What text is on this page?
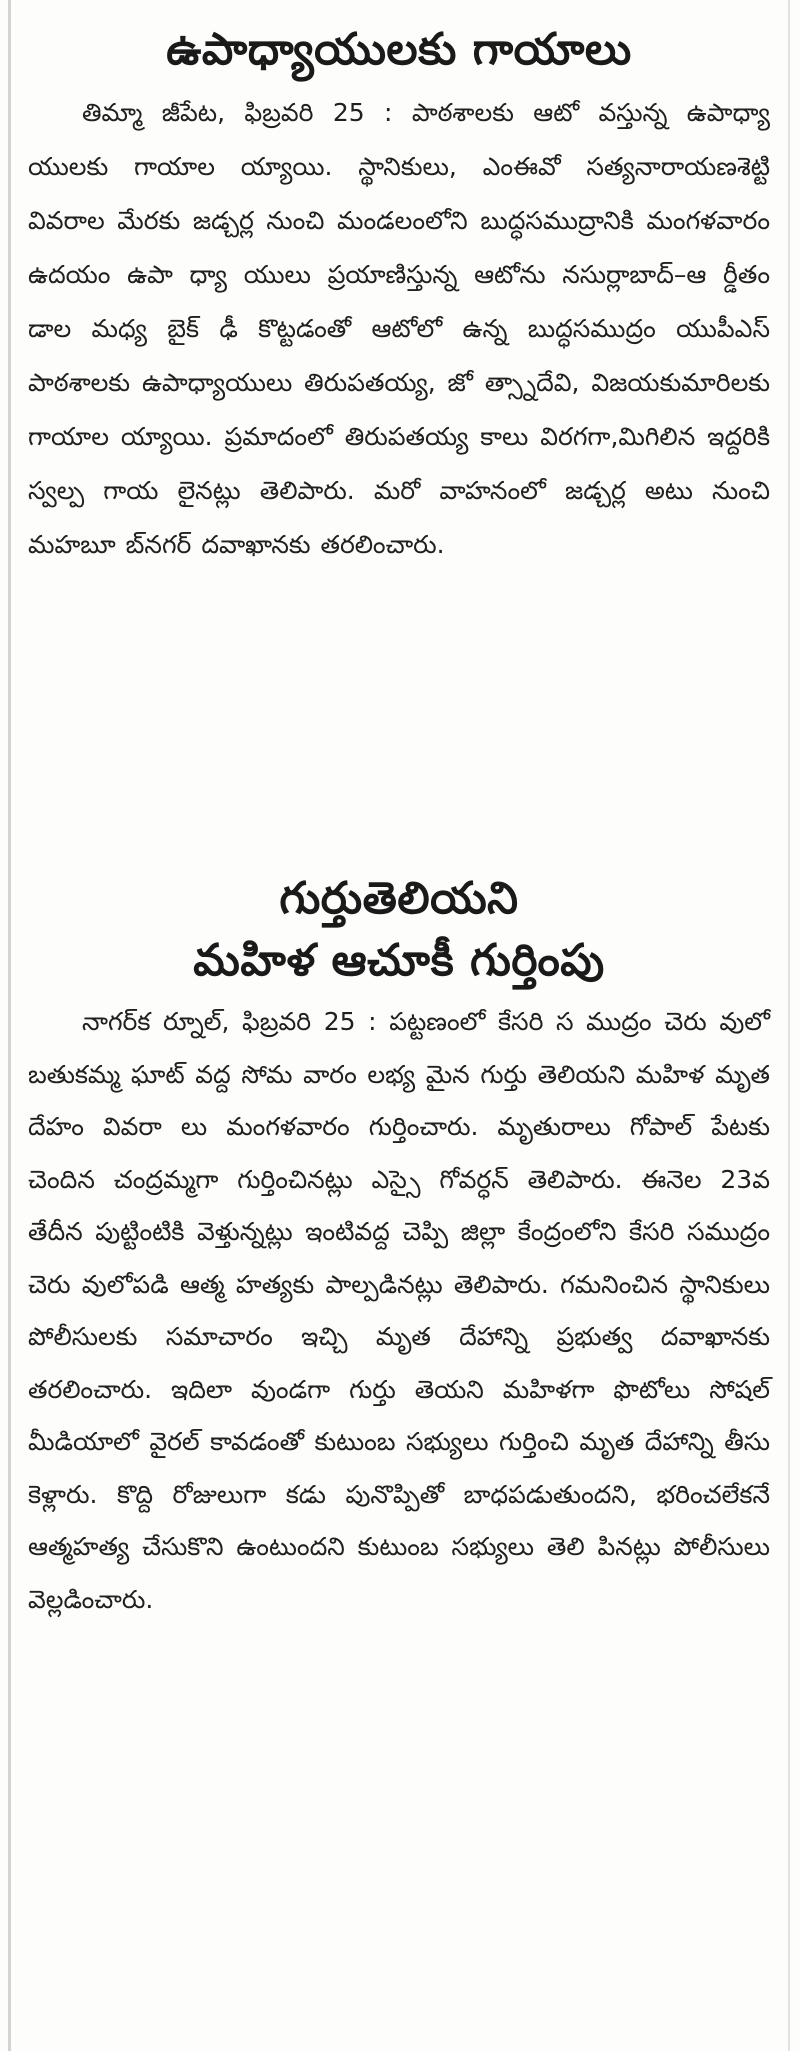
ఉపాధ్యాయులకు గాయాలు

తిమ్మా జీపేట, ఫిబ్రవరి 25 : పాఠశాలకు ఆటో వస్తున్న ఉపాధ్యా యులకు గాయాల య్యాయి. స్థానికులు, ఎంఈవో సత్యనారాయణశెట్టి వివరాల మేరకు జడ్చర్ల నుంచి మండలంలోని బుద్ధసముద్రానికి మంగళవారం ఉదయం ఉపా ధ్యా యులు ప్రయాణిస్తున్న ఆటోను నసుర్లాబాద్–ఆ ర్డీతం డాల మధ్య బైక్ ఢీ కొట్టడంతో ఆటోలో ఉన్న బుద్ధసముద్రం యుపీఎస్ పాఠశాలకు ఉపాధ్యాయులు తిరుపతయ్య, జో త్స్నాదేవి, విజయకుమారిలకు గాయాల య్యాయి. ప్రమాదంలో తిరుపతయ్య కాలు విరగగా,మిగిలిన ఇద్దరికి స్వల్ప గాయ లైనట్లు తెలిపారు. మరో వాహనంలో జడ్చర్ల అటు నుంచి మహబూ బ్‌నగర్ దవాఖానకు తరలించారు.

గుర్తుతెలియని
మహిళ ఆచూకీ గుర్తింపు

నాగర్‌క ర్నూల్, ఫిబ్రవరి 25 : పట్టణంలో కేసరి స ముద్రం చెరు వులో బతుకమ్మ ఘాట్ వద్ద సోమ వారం లభ్య మైన గుర్తు తెలియని మహిళ మృత దేహం వివరా లు మంగళవారం గుర్తించారు. మృతురాలు గోపాల్ పేటకు చెందిన చంద్రమ్మగా గుర్తించినట్లు ఎస్సై గోవర్ధన్ తెలిపారు. ఈనెల 23వ తేదీన పుట్టింటికి వెళ్తున్నట్లు ఇంటివద్ద చెప్పి జిల్లా కేంద్రంలోని కేసరి సముద్రం చెరు వులోపడి ఆత్మ హత్యకు పాల్పడినట్లు తెలిపారు. గమనించిన స్థానికులు పోలీసులకు సమాచారం ఇచ్చి మృత దేహాన్ని ప్రభుత్వ దవాఖానకు తరలించారు. ఇదిలా వుండగా గుర్తు తెయని మహిళగా ఫొటోలు సోషల్ మీడియాలో వైరల్ కావడంతో కుటుంబ సభ్యులు గుర్తించి మృత దేహాన్ని తీసు కెళ్లారు. కొద్ది రోజులుగా కడు పునొప్పితో బాధపడుతుందని, భరించలేకనే ఆత్మహత్య చేసుకొని ఉంటుందని కుటుంబ సభ్యులు తెలి పినట్లు పోలీసులు వెల్లడించారు.
